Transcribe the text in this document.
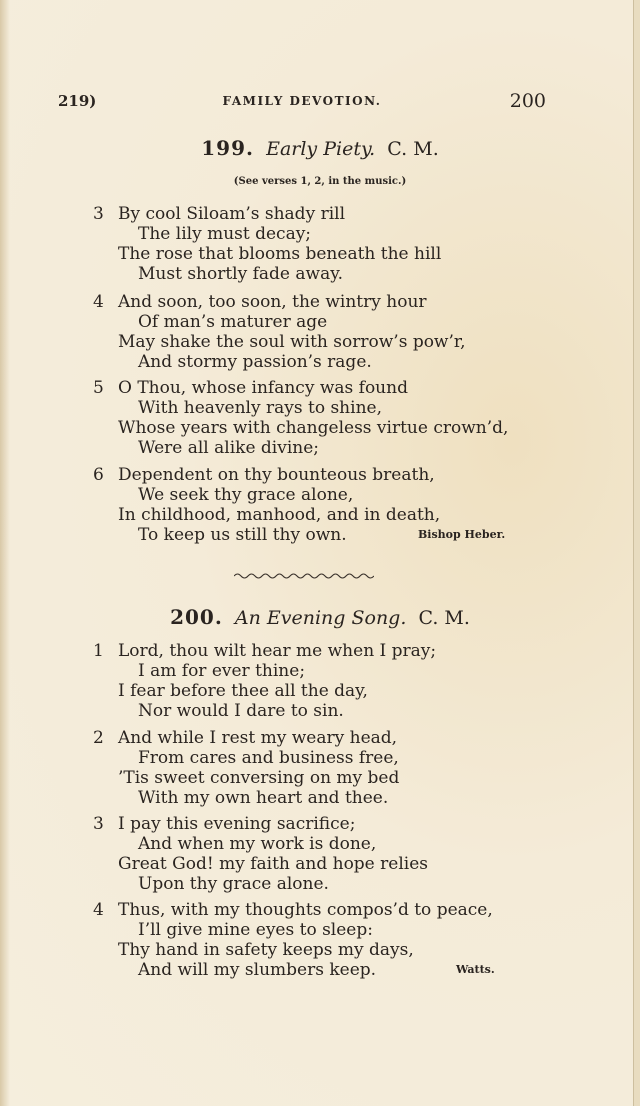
219)	FAMILY DEVOTION.	200
199. Early Piety. C. M.
(See verses 1, 2, in the music.)
3 By cool Siloam’s shady rill
The lily must decay;
The rose that blooms beneath the hill
Must shortly fade away.
4 And soon, too soon, the wintry hour
Of man’s maturer age
May shake the soul with sorrow’s pow’r,
And stormy passion’s rage.
5 O Thou, whose infancy was found
With heavenly rays to shine,
Whose years with changeless virtue crown’d,
Were all alike divine;
6 Dependent on thy bounteous breath,
We seek thy grace alone,
In childhood, manhood, and in death,
To keep us still thy own.	Bishop Heber.
200. An Evening Song. C. M.
1 Lord, thou wilt hear me when I pray;
I am for ever thine;
I fear before thee all the day,
Nor would I dare to sin.
2 And while I rest my weary head,
From cares and business free,
’Tis sweet conversing on my bed
With my own heart and thee.
3 I pay this evening sacrifice;
And when my work is done,
Great God! my faith and hope relies
Upon thy grace alone.
4 Thus, with my thoughts compos’d to peace,
I’ll give mine eyes to sleep:
Thy hand in safety keeps my days,
And will my slumbers keep.	Watts.
